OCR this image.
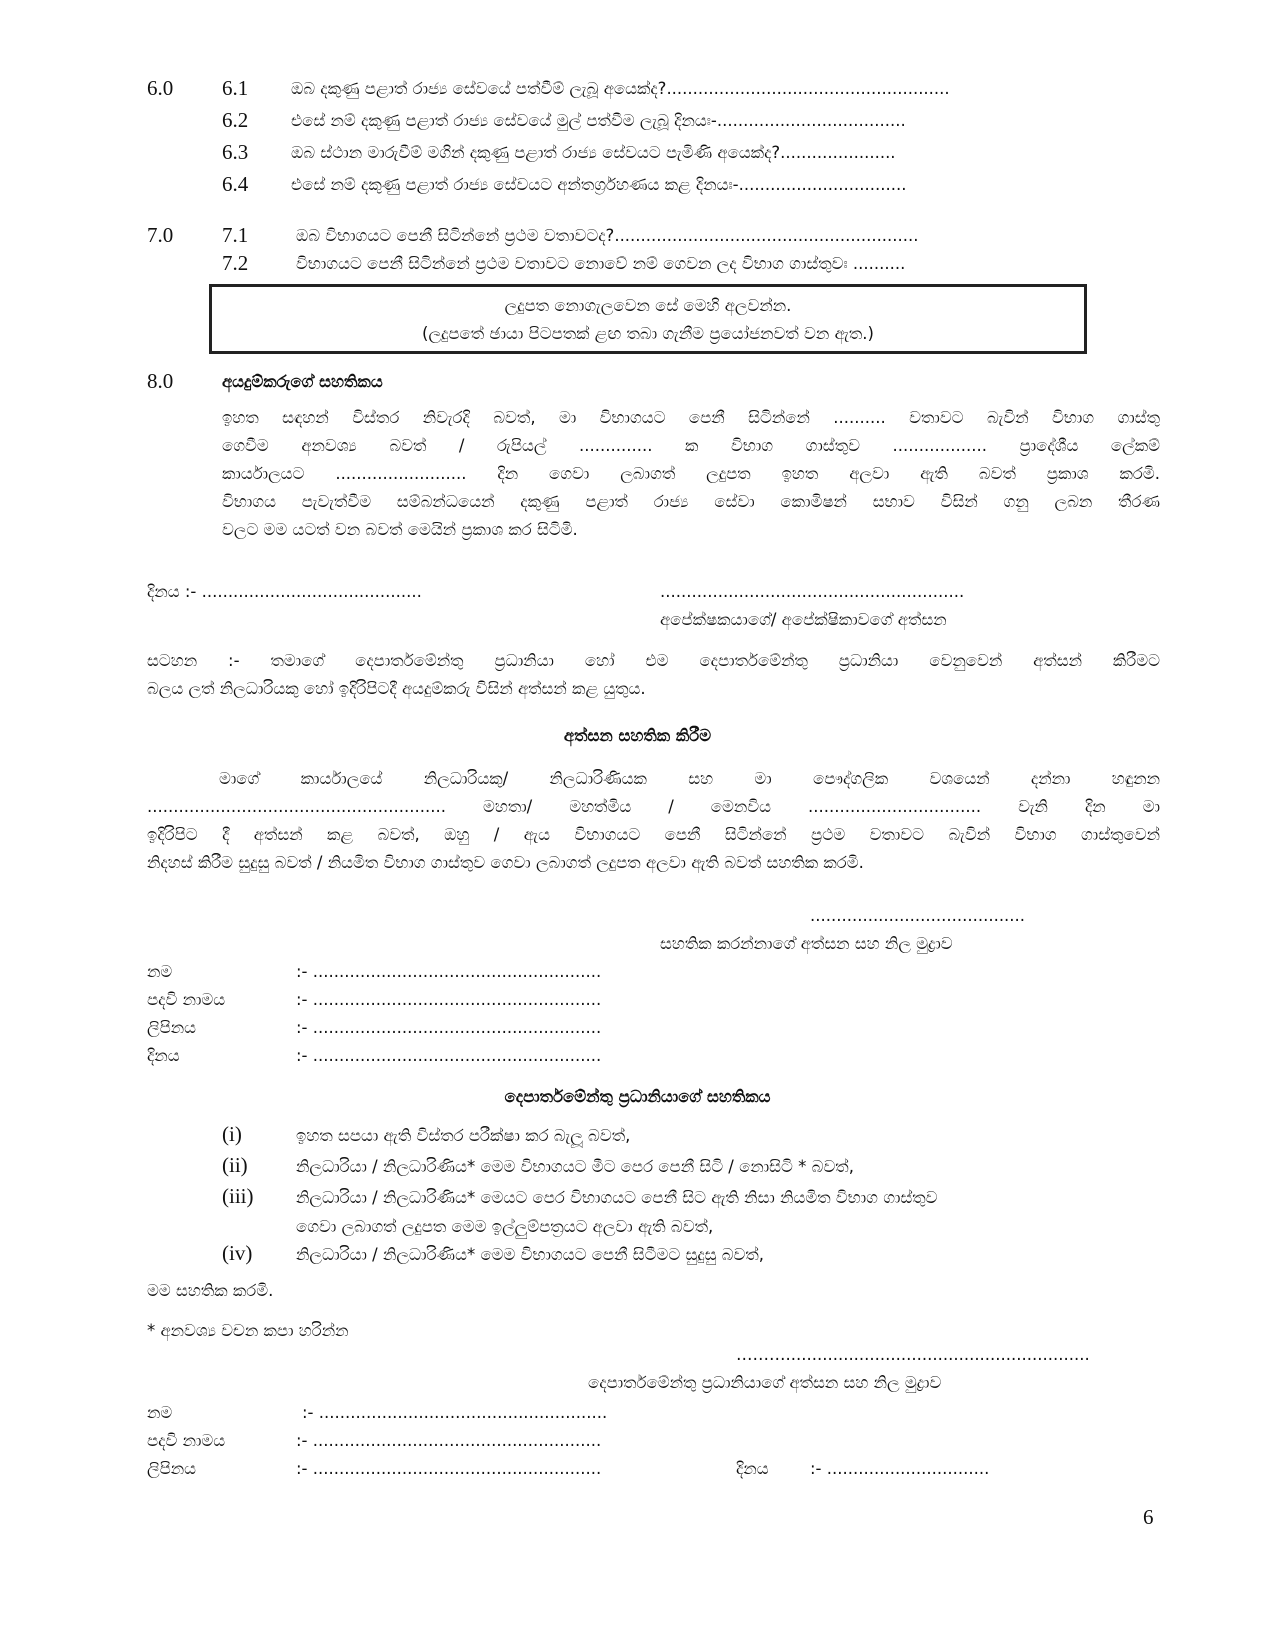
6.0 6.1	ඔබ දකුණු පළාත් රාජ්‍ය සේවයේ පත්වීම් ලැබූ අයෙක්ද?......................................................
6.2	එසේ නම් දකුණු පළාත් රාජ්‍ය සේවයේ මුල් පත්වීම ලැබූ දිනයඃ-....................................
6.3	ඔබ ස්ථාන මාරුවීම් මගින් දකුණු පළාත් රාජ්‍ය සේවයට පැමිණි අයෙක්ද?......................
6.4	එසේ නම් දකුණු පළාත් රාජ්‍ය සේවයට අන්තර්ග්‍රහණය කළ දිනයඃ-................................
7.0 7.1	ඔබ විභාගයට පෙනී සිටින්නේ ප්‍රථම වතාවටද?..........................................................
7.2	විභාගයට පෙනී සිටින්නේ ප්‍රථම වතාවට නොවේ නම් ගෙවන ලද විභාග ගාස්තුවඃ ..........
ලදුපත නොගැලවෙන සේ මෙහි අලවන්න.
(ලදුපතේ ඡායා පිටපතක් ළඟ තබා ගැනීම ප්‍රයෝජනවත් වන ඇත.)
8.0	අයදුම්කරුගේ සහතිකය
ඉහත සඳහන් විස්තර නිවැරදි බවත්, මා විභාගයට පෙනී සිටින්නේ .......... වතාවට බැවින් විභාග ගාස්තු
ගෙවීම අනවශ්‍ය බවත් / රුපියල් .............. ක විභාග ගාස්තුව .................. ප්‍රාදේශීය ලේකම්
කාර්යාලයට ......................... දින ගෙවා ලබාගත් ලදුපත ඉහත අලවා ඇති බවත් ප්‍රකාශ කරමි.
විභාගය පැවැත්වීම සම්බන්ධයෙන් දකුණු පළාත් රාජ්‍ය සේවා කොමිෂන් සභාව විසින් ගනු ලබන තීරණ
වලට මම යටත් වන බවත් මෙයින් ප්‍රකාශ කර සිටිමි.
දිනය :- ..........................................	..........................................................
අපේක්ෂකයාගේ/ අපේක්ෂිකාවගේ අත්සන
සටහන :- තමාගේ දෙපාර්තමේන්තු ප්‍රධානියා හෝ එම දෙපාර්තමේන්තු ප්‍රධානියා වෙනුවෙන් අත්සන් කිරීමට
බලය ලත් නිලධාරියකු හෝ ඉදිරිපිටදී අයදුම්කරු විසින් අත්සන් කළ යුතුය.
අත්සන සහතික කිරීම
මාගේ කාර්යාලයේ නිලධාරියකු/ නිලධාරිණියක සහ මා පෞද්ගලික වශයෙන් දන්නා හඳුනන
......................................................... මහතා/ මහත්මිය / මෙනවිය ................................. වැනි දින මා
ඉදිරිපිට දී අත්සන් කළ බවත්, ඔහු / ඇය විභාගයට පෙනී සිටින්නේ ප්‍රථම වතාවට බැවින් විභාග ගාස්තුවෙන්
නිදහස් කිරීම සුදුසු බවත් / නියමිත විභාග ගාස්තුව ගෙවා ලබාගත් ලදුපත අලවා ඇති බවත් සහතික කරමි.
.........................................
සහතික කරන්නාගේ අත්සන සහ නිල මුද්‍රාව
නම	:- .......................................................
පදවි නාමය	:- .......................................................
ලිපිනය	:- .......................................................
දිනය	:- .......................................................
දෙපාර්තමේන්තු ප්‍රධානියාගේ සහතිකය
(i)	ඉහත සපයා ඇති විස්තර පරීක්ෂා කර බැලූ බවත්,
(ii)	නිලධාරියා / නිලධාරිණිය* මෙම විභාගයට මීට පෙර පෙනී සිටි / නොසිටි * බවත්,
(iii)	නිලධාරියා / නිලධාරිණිය* මෙයට පෙර විභාගයට පෙනී සිට ඇති නිසා නියමිත විභාග ගාස්තුව
ගෙවා ලබාගත් ලදුපත මෙම ඉල්ලුම්පත්‍රයට අලවා ඇති බවත්,
(iv)	නිලධාරියා / නිලධාරිණිය* මෙම විභාගයට පෙනී සිටීමට සුදුසු බවත්,
මම සහතික කරමි.
* අනවශ්‍ය වචන කපා හරින්න
………..........................................................
දෙපාර්තමේන්තු ප්‍රධානියාගේ අත්සන සහ නිල මුද්‍රාව
නම	:- .......................................................
පදවි නාමය	:- .......................................................
ලිපිනය	:- .......................................................	දිනය	:- ...............................
6
